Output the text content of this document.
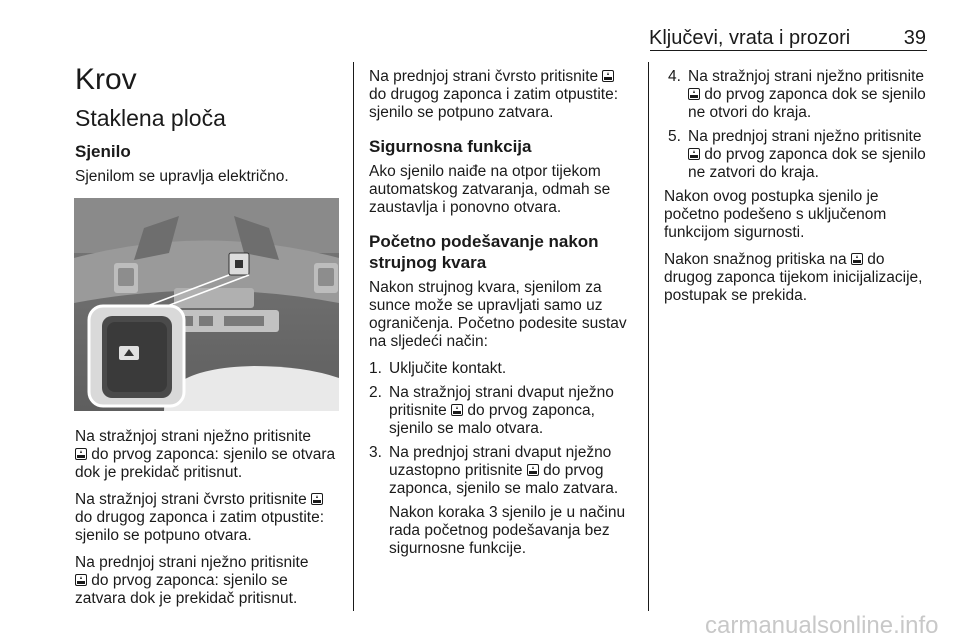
Ključevi, vrata i prozori	39
Krov
Staklena ploča
Sjenilo

Sjenilom se upravlja električno.

Na stražnjoj strani nježno pritisnite
do prvog zaponca: sjenilo se otvara dok je prekidač pritisnut.

Na stražnjoj strani čvrsto pritisnite  do drugog zaponca i zatim otpustite: sjenilo se potpuno otvara.

Na prednjoj strani nježno pritisnite
do prvog zaponca: sjenilo se zatvara dok je prekidač pritisnut.

Na prednjoj strani čvrsto pritisnite  do drugog zaponca i zatim otpustite: sjenilo se potpuno zatvara.

Sigurnosna funkcija

Ako sjenilo naiđe na otpor tijekom automatskog zatvaranja, odmah se zaustavlja i ponovno otvara.

Početno podešavanje nakon strujnog kvara

Nakon strujnog kvara, sjenilom za sunce može se upravljati samo uz ograničenja. Početno podesite sustav na sljedeći način:

1. Uključite kontakt.
2. Na stražnjoj strani dvaput nježno pritisnite  do prvog zaponca, sjenilo se malo otvara.
3. Na prednjoj strani dvaput nježno uzastopno pritisnite  do prvog zaponca, sjenilo se malo zatvara.
Nakon koraka 3 sjenilo je u načinu rada početnog podešavanja bez sigurnosne funkcije.
4. Na stražnjoj strani nježno pritisnite  do prvog zaponca dok se sjenilo ne otvori do kraja.
5. Na prednjoj strani nježno pritisnite  do prvog zaponca dok se sjenilo ne zatvori do kraja.

Nakon ovog postupka sjenilo je početno podešeno s uključenom funkcijom sigurnosti.

Nakon snažnog pritiska na  do drugog zaponca tijekom inicijalizacije, postupak se prekida.

carmanualsonline.info
